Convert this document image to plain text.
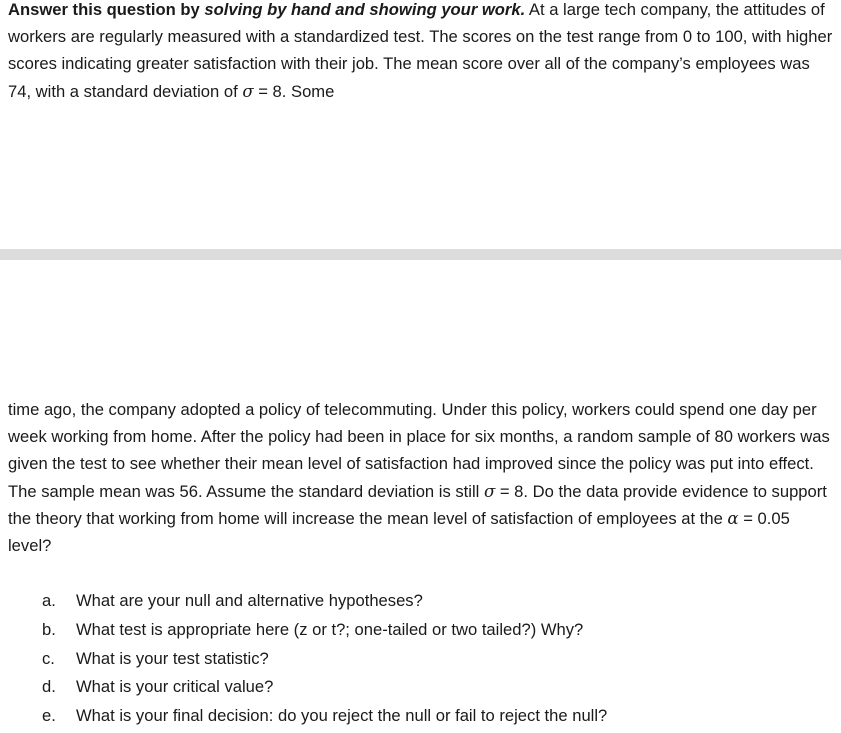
Answer this question by solving by hand and showing your work. At a large tech company, the attitudes of workers are regularly measured with a standardized test. The scores on the test range from 0 to 100, with higher scores indicating greater satisfaction with their job. The mean score over all of the company’s employees was 74, with a standard deviation of σ = 8. Some

time ago, the company adopted a policy of telecommuting. Under this policy, workers could spend one day per week working from home. After the policy had been in place for six months, a random sample of 80 workers was given the test to see whether their mean level of satisfaction had improved since the policy was put into effect. The sample mean was 56. Assume the standard deviation is still σ = 8. Do the data provide evidence to support the theory that working from home will increase the mean level of satisfaction of employees at the α = 0.05 level?

a.	What are your null and alternative hypotheses?
b.	What test is appropriate here (z or t?; one-tailed or two tailed?) Why?
c.	What is your test statistic?
d.	What is your critical value?
e.	What is your final decision: do you reject the null or fail to reject the null?
